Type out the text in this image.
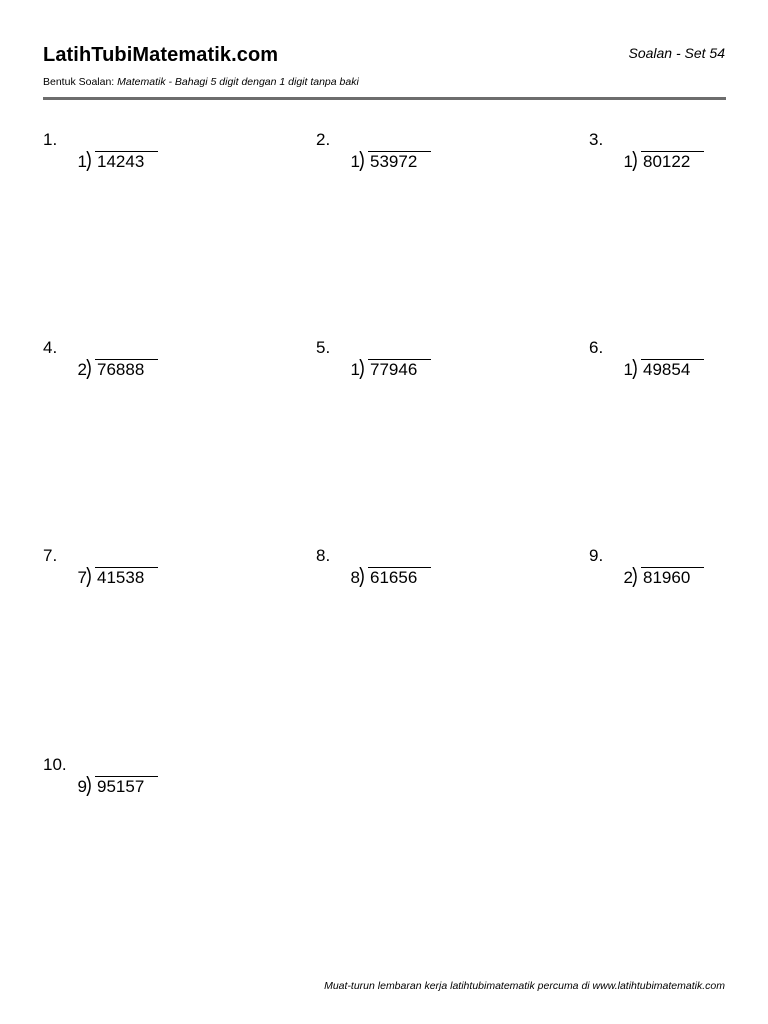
LatihTubiMatematik.com	Soalan - Set 54
Bentuk Soalan: Matematik - Bahagi 5 digit dengan 1 digit tanpa baki
1.
1 14243
2.
1 53972
3.
1 80122
4.
2 76888
5.
1 77946
6.
1 49854
7.
7 41538
8.
8 61656
9.
2 81960
10.
9 95157
Muat-turun lembaran kerja latihtubimatematik percuma di www.latihtubimatematik.com
